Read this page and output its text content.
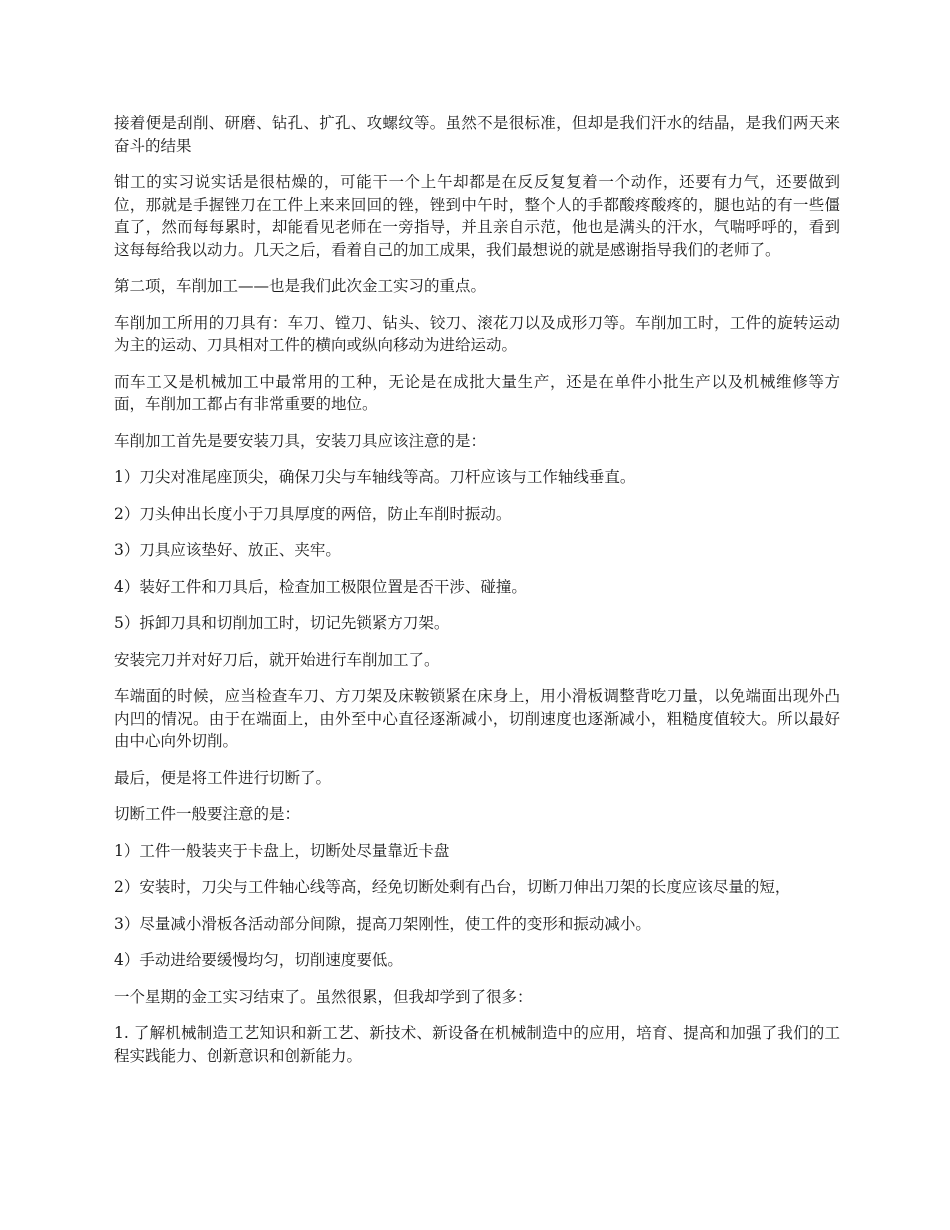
接着便是刮削、研磨、钻孔、扩孔、攻螺纹等。虽然不是很标准，但却是我们汗水的结晶，是我们两天来奋斗的结果

钳工的实习说实话是很枯燥的，可能干一个上午却都是在反反复复着一个动作，还要有力气，还要做到位，那就是手握锉刀在工件上来来回回的锉，锉到中午时，整个人的手都酸疼酸疼的，腿也站的有一些僵直了，然而每每累时，却能看见老师在一旁指导，并且亲自示范，他也是满头的汗水，气喘呼呼的，看到这每每给我以动力。几天之后，看着自己的加工成果，我们最想说的就是感谢指导我们的老师了。

第二项，车削加工——也是我们此次金工实习的重点。

车削加工所用的刀具有：车刀、镗刀、钻头、铰刀、滚花刀以及成形刀等。车削加工时，工件的旋转运动为主的运动、刀具相对工件的横向或纵向移动为进给运动。

而车工又是机械加工中最常用的工种，无论是在成批大量生产，还是在单件小批生产以及机械维修等方面，车削加工都占有非常重要的地位。

车削加工首先是要安装刀具，安装刀具应该注意的是：

1）刀尖对准尾座顶尖，确保刀尖与车轴线等高。刀杆应该与工作轴线垂直。

2）刀头伸出长度小于刀具厚度的两倍，防止车削时振动。

3）刀具应该垫好、放正、夹牢。

4）装好工件和刀具后，检查加工极限位置是否干涉、碰撞。

5）拆卸刀具和切削加工时，切记先锁紧方刀架。

安装完刀并对好刀后，就开始进行车削加工了。

车端面的时候，应当检查车刀、方刀架及床鞍锁紧在床身上，用小滑板调整背吃刀量，以免端面出现外凸内凹的情况。由于在端面上，由外至中心直径逐渐减小，切削速度也逐渐减小，粗糙度值较大。所以最好由中心向外切削。

最后，便是将工件进行切断了。

切断工件一般要注意的是：

1）工件一般装夹于卡盘上，切断处尽量靠近卡盘

2）安装时，刀尖与工件轴心线等高，经免切断处剩有凸台，切断刀伸出刀架的长度应该尽量的短，

3）尽量减小滑板各活动部分间隙，提高刀架刚性，使工件的变形和振动减小。

4）手动进给要缓慢均匀，切削速度要低。

一个星期的金工实习结束了。虽然很累，但我却学到了很多：

1. 了解机械制造工艺知识和新工艺、新技术、新设备在机械制造中的应用，培育、提高和加强了我们的工程实践能力、创新意识和创新能力。
